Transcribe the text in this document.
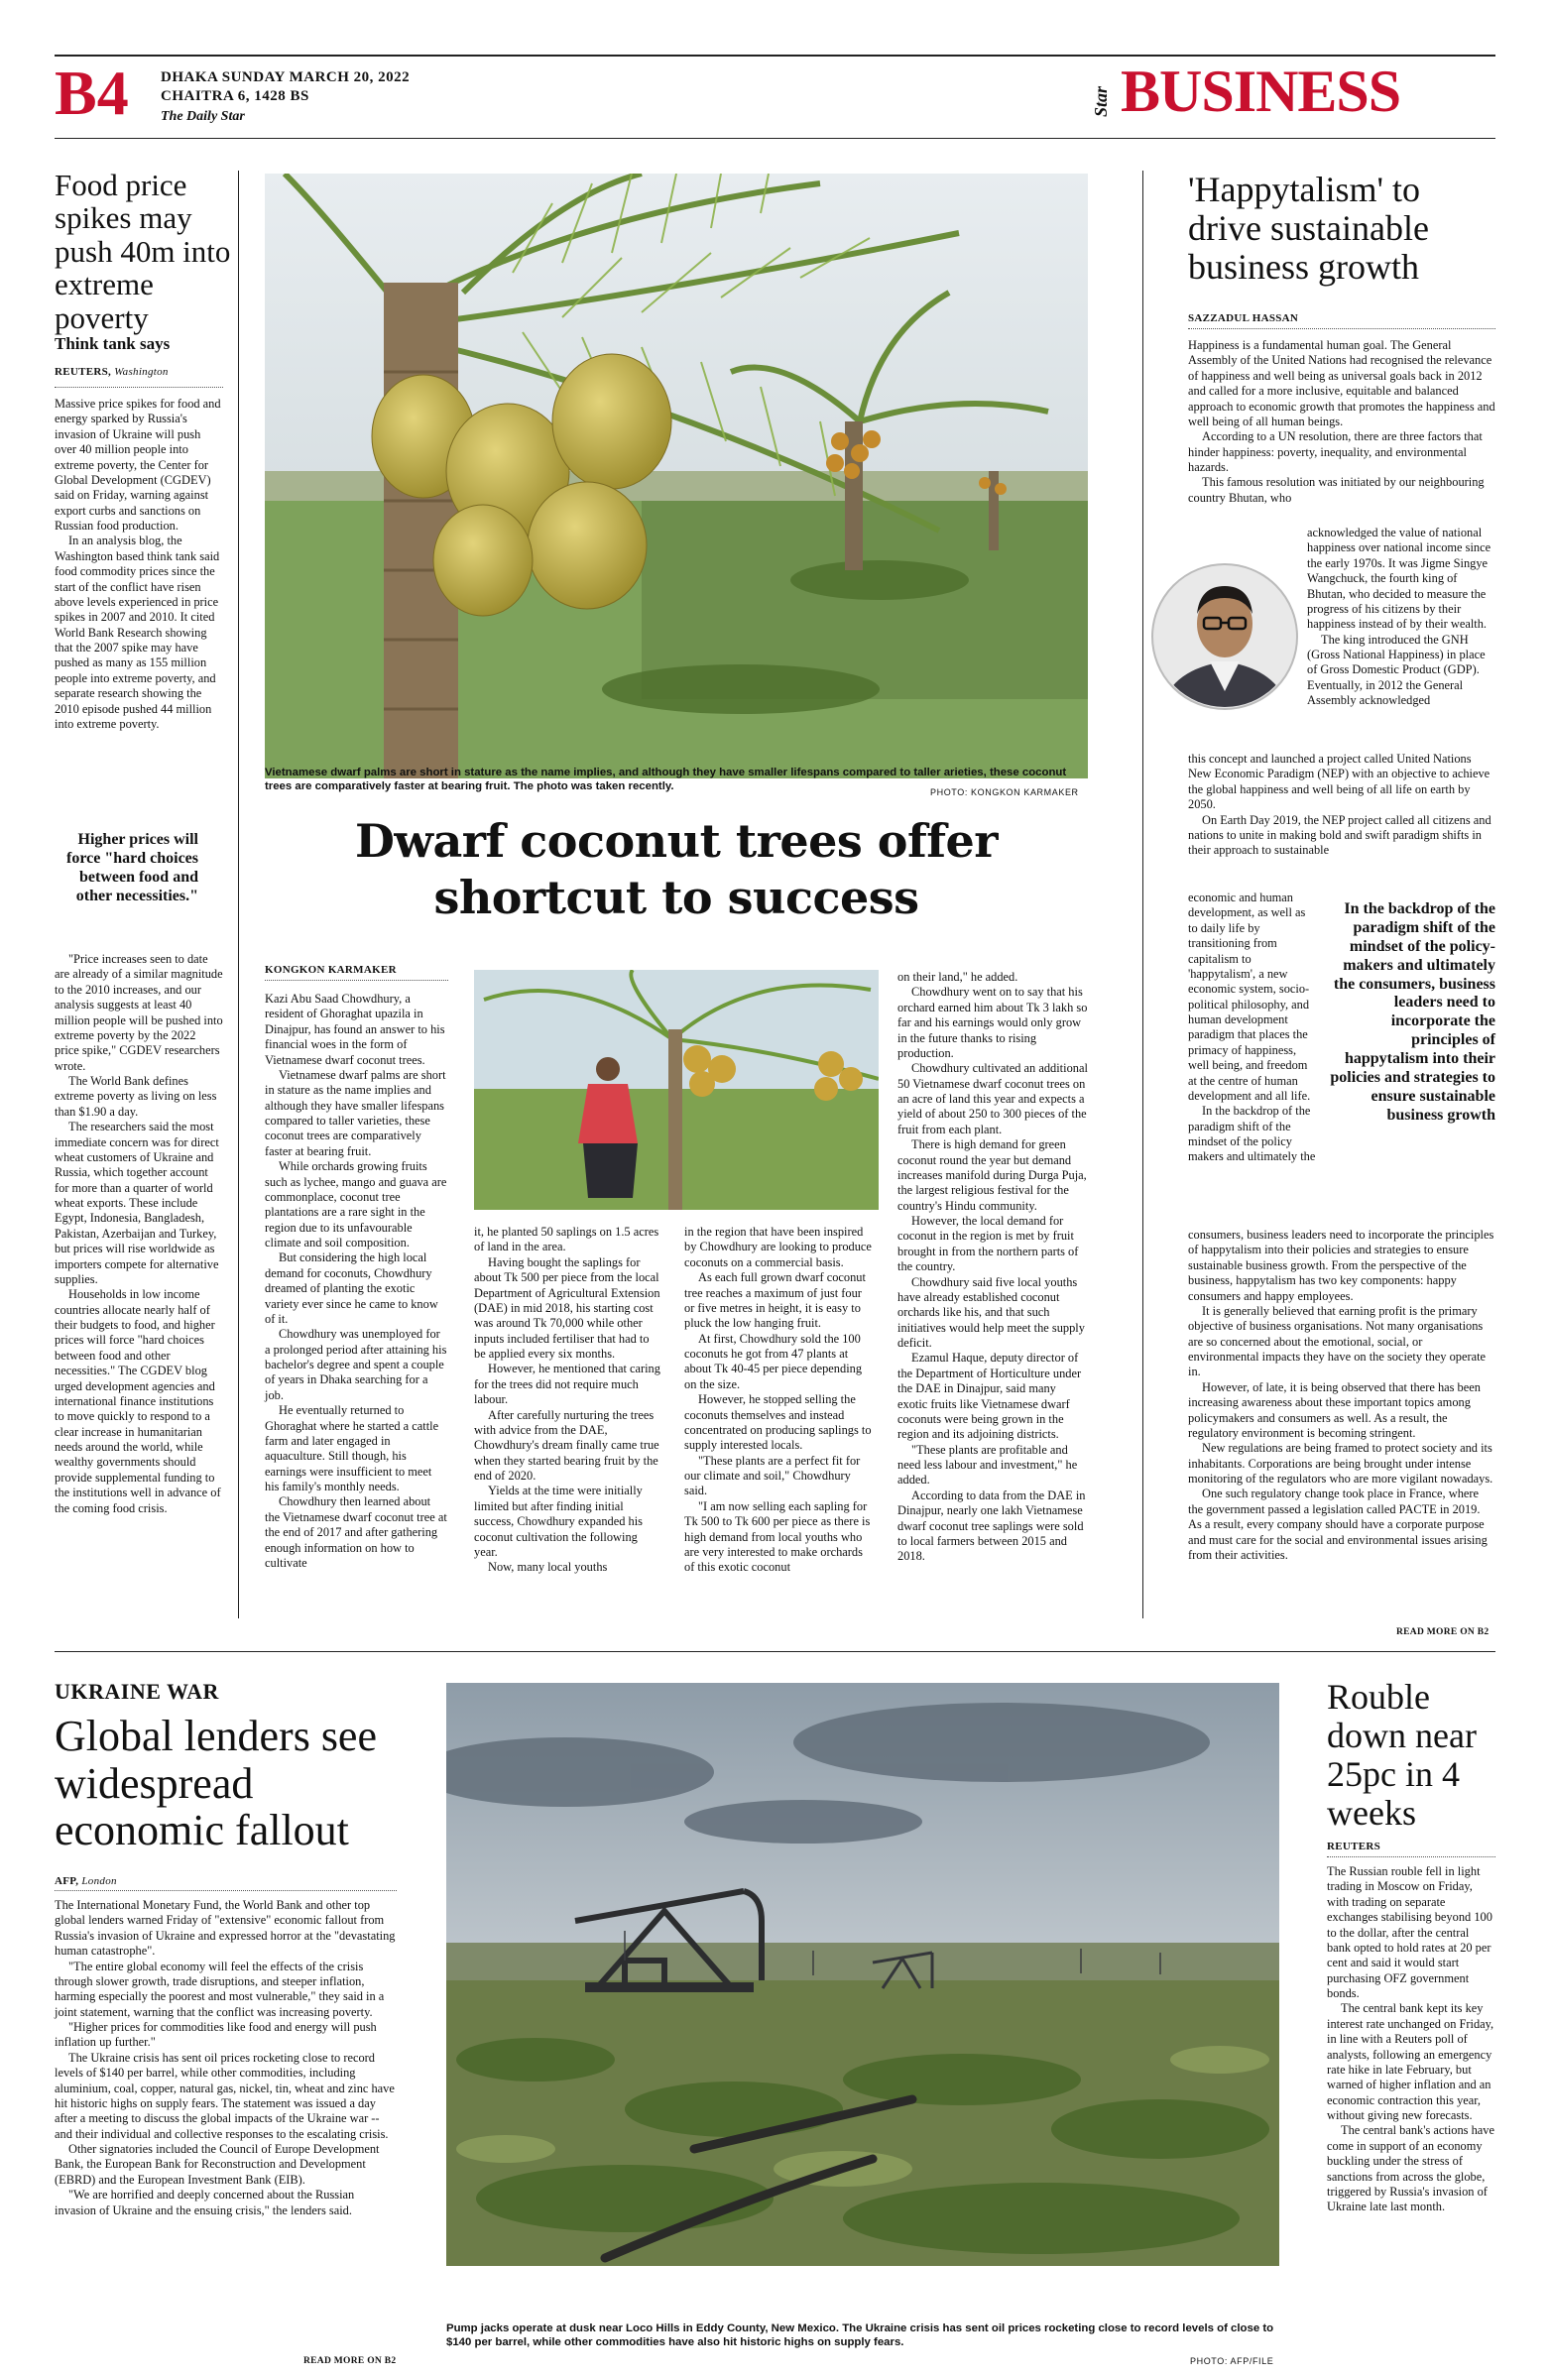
B4 DHAKA SUNDAY MARCH 20, 2022
CHAITRA 6, 1428 BS
The Daily Star	Star BUSINESS
Food price spikes may push 40m into extreme poverty
Think tank says
REUTERS, Washington

Massive price spikes for food and energy sparked by Russia's invasion of Ukraine will push over 40 million people into extreme poverty, the Center for Global Development (CGDEV) said on Friday, warning against export curbs and sanctions on Russian food production.

In an analysis blog, the Washington based think tank said food commodity prices since the start of the conflict have risen above levels experienced in price spikes in 2007 and 2010. It cited World Bank Research showing that the 2007 spike may have pushed as many as 155 million people into extreme poverty, and separate research showing the 2010 episode pushed 44 million into extreme poverty.

Higher prices will force "hard choices between food and other necessities."

"Price increases seen to date are already of a similar magnitude to the 2010 increases, and our analysis suggests at least 40 million people will be pushed into extreme poverty by the 2022 price spike," CGDEV researchers wrote.

The World Bank defines extreme poverty as living on less than $1.90 a day.

The researchers said the most immediate concern was for direct wheat customers of Ukraine and Russia, which together account for more than a quarter of world wheat exports. These include Egypt, Indonesia, Bangladesh, Pakistan, Azerbaijan and Turkey, but prices will rise worldwide as importers compete for alternative supplies.

Households in low income countries allocate nearly half of their budgets to food, and higher prices will force "hard choices between food and other necessities." The CGDEV blog urged development agencies and international finance institutions to move quickly to respond to a clear increase in humanitarian needs around the world, while wealthy governments should provide supplemental funding to the institutions well in advance of the coming food crisis.

Vietnamese dwarf palms are short in stature as the name implies, and although they have smaller lifespans compared to taller arieties, these coconut trees are comparatively faster at bearing fruit. The photo was taken recently.	PHOTO: KONGKON KARMAKER
Dwarf coconut trees offer
shortcut to success
KONGKON KARMAKER

Kazi Abu Saad Chowdhury, a resident of Ghoraghat upazila in Dinajpur, has found an answer to his financial woes in the form of Vietnamese dwarf coconut trees.

Vietnamese dwarf palms are short in stature as the name implies and although they have smaller lifespans compared to taller varieties, these coconut trees are comparatively faster at bearing fruit.

While orchards growing fruits such as lychee, mango and guava are commonplace, coconut tree plantations are a rare sight in the region due to its unfavourable climate and soil composition.

But considering the high local demand for coconuts, Chowdhury dreamed of planting the exotic variety ever since he came to know of it.

Chowdhury was unemployed for a prolonged period after attaining his bachelor's degree and spent a couple of years in Dhaka searching for a job.

He eventually returned to Ghoraghat where he started a cattle farm and later engaged in aquaculture. Still though, his earnings were insufficient to meet his family's monthly needs.

Chowdhury then learned about the Vietnamese dwarf coconut tree at the end of 2017 and after gathering enough information on how to cultivate

it, he planted 50 saplings on 1.5 acres of land in the area.

Having bought the saplings for about Tk 500 per piece from the local Department of Agricultural Extension (DAE) in mid 2018, his starting cost was around Tk 70,000 while other inputs included fertiliser that had to be applied every six months.

However, he mentioned that caring for the trees did not require much labour.

After carefully nurturing the trees with advice from the DAE, Chowdhury's dream finally came true when they started bearing fruit by the end of 2020.

Yields at the time were initially limited but after finding initial success, Chowdhury expanded his coconut cultivation the following year.

Now, many local youths

in the region that have been inspired by Chowdhury are looking to produce coconuts on a commercial basis.

As each full grown dwarf coconut tree reaches a maximum of just four or five metres in height, it is easy to pluck the low hanging fruit.

At first, Chowdhury sold the 100 coconuts he got from 47 plants at about Tk 40-45 per piece depending on the size.

However, he stopped selling the coconuts themselves and instead concentrated on producing saplings to supply interested locals.

"These plants are a perfect fit for our climate and soil," Chowdhury said.

"I am now selling each sapling for Tk 500 to Tk 600 per piece as there is high demand from local youths who are very interested to make orchards of this exotic coconut

on their land," he added.

Chowdhury went on to say that his orchard earned him about Tk 3 lakh so far and his earnings would only grow in the future thanks to rising production.

Chowdhury cultivated an additional 50 Vietnamese dwarf coconut trees on an acre of land this year and expects a yield of about 250 to 300 pieces of the fruit from each plant.

There is high demand for green coconut round the year but demand increases manifold during Durga Puja, the largest religious festival for the country's Hindu community.

However, the local demand for coconut in the region is met by fruit brought in from the northern parts of the country.

Chowdhury said five local youths have already established coconut orchards like his, and that such initiatives would help meet the supply deficit.

Ezamul Haque, deputy director of the Department of Horticulture under the DAE in Dinajpur, said many exotic fruits like Vietnamese dwarf coconuts were being grown in the region and its adjoining districts.

"These plants are profitable and need less labour and investment," he added.

According to data from the DAE in Dinajpur, nearly one lakh Vietnamese dwarf coconut tree saplings were sold to local farmers between 2015 and 2018.

'Happytalism' to drive sustainable business growth
SAZZADUL HASSAN

Happiness is a fundamental human goal. The General Assembly of the United Nations had recognised the relevance of happiness and well being as universal goals back in 2012 and called for a more inclusive, equitable and balanced approach to economic growth that promotes the happiness and well being of all human beings.

According to a UN resolution, there are three factors that hinder happiness: poverty, inequality, and environmental hazards.

This famous resolution was initiated by our neighbouring country Bhutan, who

acknowledged the value of national happiness over national income since the early 1970s. It was Jigme Singye Wangchuck, the fourth king of Bhutan, who decided to measure the progress of his citizens by their happiness instead of by their wealth.

The king introduced the GNH (Gross National Happiness) in place of Gross Domestic Product (GDP). Eventually, in 2012 the General Assembly acknowledged

this concept and launched a project called United Nations New Economic Paradigm (NEP) with an objective to achieve the global happiness and well being of all life on earth by 2050.

On Earth Day 2019, the NEP project called all citizens and nations to unite in making bold and swift paradigm shifts in their approach to sustainable

economic and human development, as well as to daily life by transitioning from capitalism to 'happytalism', a new economic system, socio-political philosophy, and human development paradigm that places the primacy of happiness, well being, and freedom at the centre of human development and all life.

In the backdrop of the paradigm shift of the mindset of the policy makers and ultimately the

In the backdrop of the paradigm shift of the mindset of the policy-makers and ultimately the consumers, business leaders need to incorporate the principles of happytalism into their policies and strategies to ensure sustainable business growth

consumers, business leaders need to incorporate the principles of happytalism into their policies and strategies to ensure sustainable business growth. From the perspective of the business, happytalism has two key components: happy consumers and happy employees.

It is generally believed that earning profit is the primary objective of business organisations. Not many organisations are so concerned about the emotional, social, or environmental impacts they have on the society they operate in.

However, of late, it is being observed that there has been increasing awareness about these important topics among policymakers and consumers as well. As a result, the regulatory environment is becoming stringent.

New regulations are being framed to protect society and its inhabitants. Corporations are being brought under intense monitoring of the regulators who are more vigilant nowadays.

One such regulatory change took place in France, where the government passed a legislation called PACTE in 2019. As a result, every company should have a corporate purpose and must care for the social and environmental issues arising from their activities.

READ MORE ON B2
UKRAINE WAR
Global lenders see widespread economic fallout
AFP, London

The International Monetary Fund, the World Bank and other top global lenders warned Friday of "extensive" economic fallout from Russia's invasion of Ukraine and expressed horror at the "devastating human catastrophe".

"The entire global economy will feel the effects of the crisis through slower growth, trade disruptions, and steeper inflation, harming especially the poorest and most vulnerable," they said in a joint statement, warning that the conflict was increasing poverty.

"Higher prices for commodities like food and energy will push inflation up further."

The Ukraine crisis has sent oil prices rocketing close to record levels of $140 per barrel, while other commodities, including aluminium, coal, copper, natural gas, nickel, tin, wheat and zinc have hit historic highs on supply fears. The statement was issued a day after a meeting to discuss the global impacts of the Ukraine war -- and their individual and collective responses to the escalating crisis.

Other signatories included the Council of Europe Development Bank, the European Bank for Reconstruction and Development (EBRD) and the European Investment Bank (EIB).

"We are horrified and deeply concerned about the Russian invasion of Ukraine and the ensuing crisis," the lenders said.

READ MORE ON B2
Pump jacks operate at dusk near Loco Hills in Eddy County, New Mexico. The Ukraine crisis has sent oil prices rocketing close to record levels of close to $140 per barrel, while other commodities have also hit historic highs on supply fears.
PHOTO: AFP/FILE
Rouble down near 25pc in 4 weeks
REUTERS

The Russian rouble fell in light trading in Moscow on Friday, with trading on separate exchanges stabilising beyond 100 to the dollar, after the central bank opted to hold rates at 20 per cent and said it would start purchasing OFZ government bonds.

The central bank kept its key interest rate unchanged on Friday, in line with a Reuters poll of analysts, following an emergency rate hike in late February, but warned of higher inflation and an economic contraction this year, without giving new forecasts.

The central bank's actions have come in support of an economy buckling under the stress of sanctions from across the globe, triggered by Russia's invasion of Ukraine late last month.
